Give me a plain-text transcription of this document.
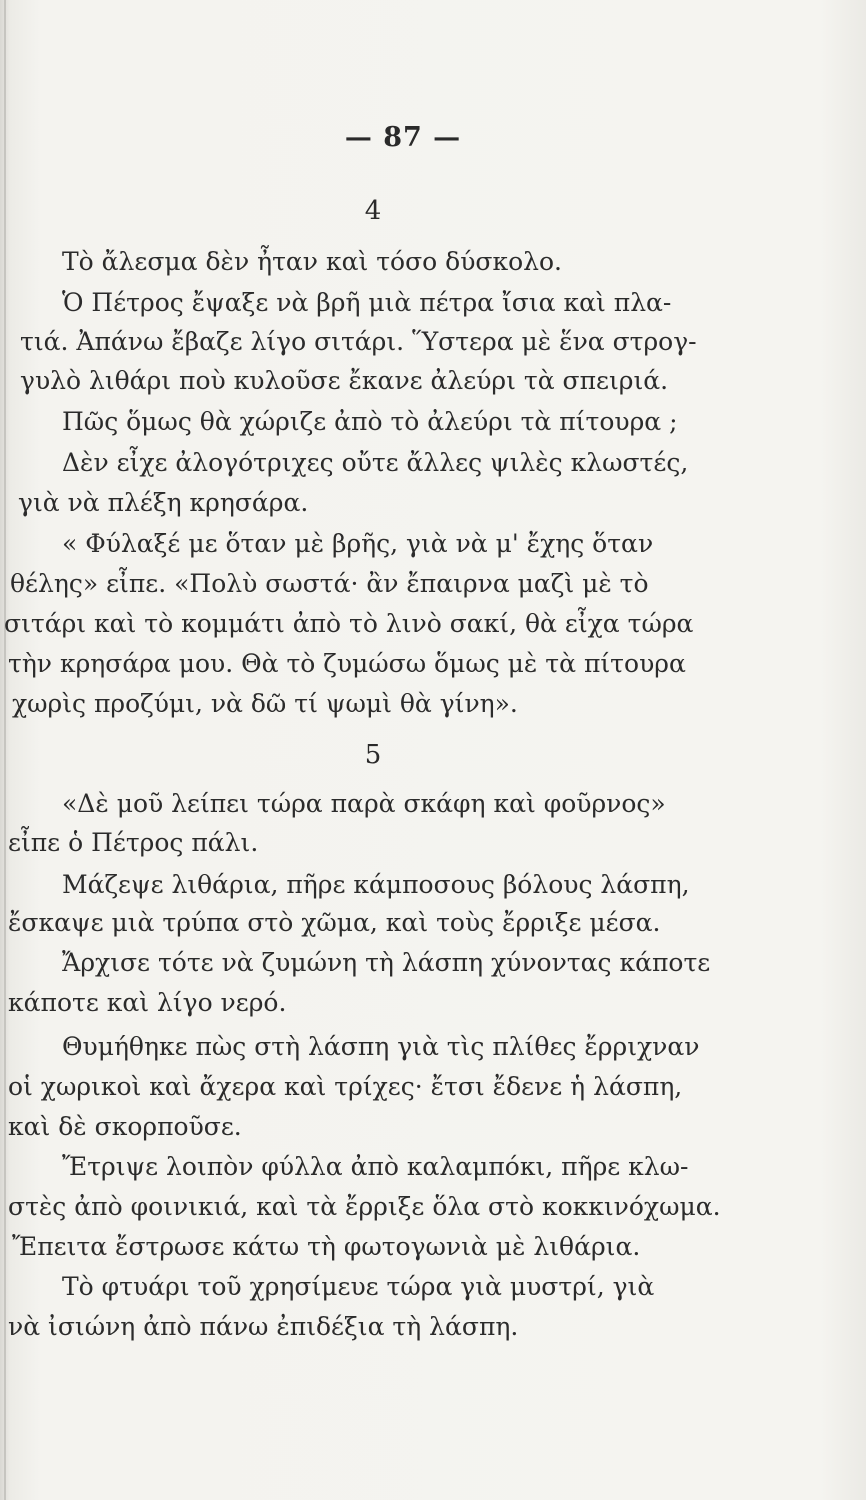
— 87 —
4
Τὸ ἄλεσμα δὲν ἦταν καὶ τόσο δύσκολο.
Ὁ Πέτρος ἔψαξε νὰ βρῆ μιὰ πέτρα ἴσια καὶ πλα-
τιά. Ἀπάνω ἔβαζε λίγο σιτάρι. Ὕστερα μὲ ἕνα στρογ-
γυλὸ λιθάρι ποὺ κυλοῦσε ἔκανε ἀλεύρι τὰ σπειριά.
Πῶς ὅμως θὰ χώριζε ἀπὸ τὸ ἀλεύρι τὰ πίτουρα ;
Δὲν εἶχε ἀλογότριχες οὔτε ἄλλες ψιλὲς κλωστές,
γιὰ νὰ πλέξη κρησάρα.
« Φύλαξέ με ὅταν μὲ βρῆς, γιὰ νὰ μ' ἔχης ὅταν
θέλης» εἶπε. «Πολὺ σωστά· ἂν ἔπαιρνα μαζὶ μὲ τὸ
σιτάρι καὶ τὸ κομμάτι ἀπὸ τὸ λινὸ σακί, θὰ εἶχα τώρα
τὴν κρησάρα μου. Θὰ τὸ ζυμώσω ὅμως μὲ τὰ πίτουρα
χωρὶς προζύμι, νὰ δῶ τί ψωμὶ θὰ γίνη».
5
«Δὲ μοῦ λείπει τώρα παρὰ σκάφη καὶ φοῦρνος»
εἶπε ὁ Πέτρος πάλι.
Μάζεψε λιθάρια, πῆρε κάμποσους βόλους λάσπη,
ἔσκαψε μιὰ τρύπα στὸ χῶμα, καὶ τοὺς ἔρριξε μέσα.
Ἄρχισε τότε νὰ ζυμώνη τὴ λάσπη χύνοντας κάποτε
κάποτε καὶ λίγο νερό.
Θυμήθηκε πὼς στὴ λάσπη γιὰ τὶς πλίθες ἔρριχναν
οἱ χωρικοὶ καὶ ἄχερα καὶ τρίχες· ἔτσι ἔδενε ἡ λάσπη,
καὶ δὲ σκορποῦσε.
Ἔτριψε λοιπὸν φύλλα ἀπὸ καλαμπόκι, πῆρε κλω-
στὲς ἀπὸ φοινικιά, καὶ τὰ ἔρριξε ὅλα στὸ κοκκινόχωμα.
Ἔπειτα ἔστρωσε κάτω τὴ φωτογωνιὰ μὲ λιθάρια.
Τὸ φτυάρι τοῦ χρησίμευε τώρα γιὰ μυστρί, γιὰ
νὰ ἰσιώνη ἀπὸ πάνω ἐπιδέξια τὴ λάσπη.
